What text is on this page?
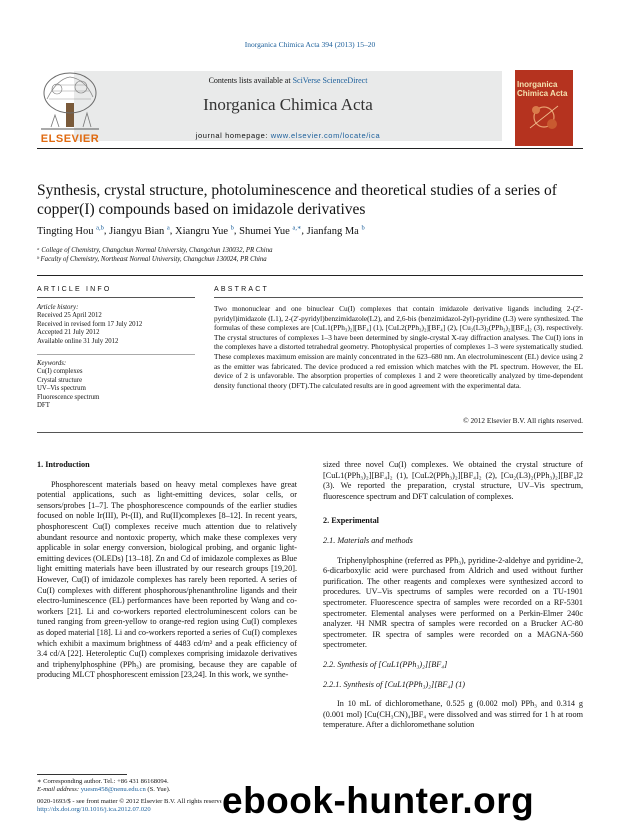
Inorganica Chimica Acta 394 (2013) 15–20
Contents lists available at SciVerse ScienceDirect
Inorganica Chimica Acta
journal homepage: www.elsevier.com/locate/ica
ELSEVIER
Inorganica
Chimica Acta
Synthesis, crystal structure, photoluminescence and theoretical studies of a series of copper(I) compounds based on imidazole derivatives
Tingting Hou $^{a,b}$, Jiangyu Bian $^a$, Xiangru Yue $^b$, Shumei Yue $^{a,∗}$, Jianfang Ma $^b$
ᵃ College of Chemistry, Changchun Normal University, Changchun 130032, PR China
ᵇ Faculty of Chemistry, Northeast Normal University, Changchun 130024, PR China
ARTICLE INFO	ABSTRACT
Article history:
Received 25 April 2012
Received in revised form 17 July 2012
Accepted 21 July 2012
Available online 31 July 2012
Keywords:
Cu(I) complexes
Crystal structure
UV–Vis spectrum
Fluorescence spectrum
DFT
Two mononuclear and one binuclear Cu(I) complexes that contain imidazole derivative ligands including 2-(2′-pyridyl)imidazole (L1), 2-(2′-pyridyl)benzimidazole(L2), and 2,6-bis (benzimidazol-2yl)-pyridine (L3) were synthesized. The formulas of these complexes are [CuL1(PPh₃)₂][BF₄] (1), [CuL2(PPh₃)₂][BF₄] (2), [Cu₂(L3)₂(PPh₃)₂][BF₄]₂ (3), respectively. The crystal structures of complexes 1–3 have been determined by single-crystal X-ray diffraction analyses. The Cu(I) ions in the complexes have a distorted tetrahedral geometry. Photophysical properties of complexes 1–3 were systematically studied. These complexes maximum emission are mainly concentrated in the 623–680 nm. An electroluminescent (EL) device using 2 as the emitter was fabricated. The device produced a red emission which matches with the PL spectrum. However, the EL device of 2 is unfavorable. The absorption properties of complexes 1 and 2 were theoretically analyzed by time-dependent density functional theory (DFT).The calculated results are in good agreement with the experimental data.
© 2012 Elsevier B.V. All rights reserved.
1. Introduction

Phosphorescent materials based on heavy metal complexes have great potential applications, such as light-emitting devices, solar cells, or sensors/probes [1–7]. The phosphorescence compounds of the earlier studies focused on noble Ir(III), Pt-(II), and Ru(II)complexes [8–12]. In recent years, phosphorescent Cu(I) complexes receive much attention due to relatively abundant resource and nontoxic property, which make these complexes very applicable in solar energy conversion, biological probing, and organic light-emitting devices (OLEDs) [13–18]. Zn and Cd of imidazole complexes as Blue light emitting materials have been illustrated by our research groups [19,20]. However, Cu(I) of imidazole complexes has rarely been reported. A series of Cu(I) complexes with different phosphorous/phenanthroline ligands and their electro-luminescence (EL) performances have been reported by Wang and co-workers [21]. Li and co-workers reported electroluminescent colors can be tuned ranging from green-yellow to orange-red region using Cu(I) complexes as doped material [18]. Li and co-workers reported a series of Cu(I) complexes which exhibit a maximum brightness of 4483 cd/m² and a peak efficiency of 3.4 cd/A [22]. Heteroleptic Cu(I) complexes comprising imidazole derivatives and triphenylphosphine (PPh₃) are promising, because they are capable of producing MLCT phosphorescent emission [23,24]. In this work, we synthe-

sized three novel Cu(I) complexes. We obtained the crystal structure of [CuL1(PPh₃)₂][BF₄]₂ (1), [CuL2(PPh₃)₂][BF₄]₂ (2), [Cu₂(L3)₂(PPh₃)₂][BF₄]2 (3). We reported the preparation, crystal structure, UV–Vis spectrum, fluorescence spectrum and DFT calculation of complexes.

2. Experimental
2.1. Materials and methods

Triphenylphosphine (referred as PPh₃), pyridine-2-aldehye and pyridine-2, 6-dicarboxylic acid were purchased from Aldrich and used without further purification. The other reagents and complexes were synthesized accord to procedures. UV–Vis spectrums of samples were recorded on a TU-1901 spectrometer. Fluorescence spectra of samples were recorded on a RF-5301 spectrometer. Elemental analyses were performed on a Perkin-Elmer 240c analyzer. ¹H NMR spectra of samples were recorded on a Brucker AC-80 spectrometer. IR spectra of samples were recorded on a MAGNA-560 spectrometer.

2.2. Synthesis of [CuL1(PPh₃)₂][BF₄]
2.2.1. Synthesis of [CuL1(PPh₃)₂][BF₄] (1)

In 10 mL of dichloromethane, 0.525 g (0.002 mol) PPh₃ and 0.314 g (0.001 mol) [Cu(CH₃CN)₄]BF₄ were dissolved and was stirred for 1 h at room temperature. After a dichloromethane solution

∗ Corresponding author. Tel.: +86 431 86168094.
E-mail address: yuesm458@nenu.edu.cn (S. Yue).
0020-1693/$ - see front matter © 2012 Elsevier B.V. All rights reserved.
http://dx.doi.org/10.1016/j.ica.2012.07.020	ebook-hunter.org
